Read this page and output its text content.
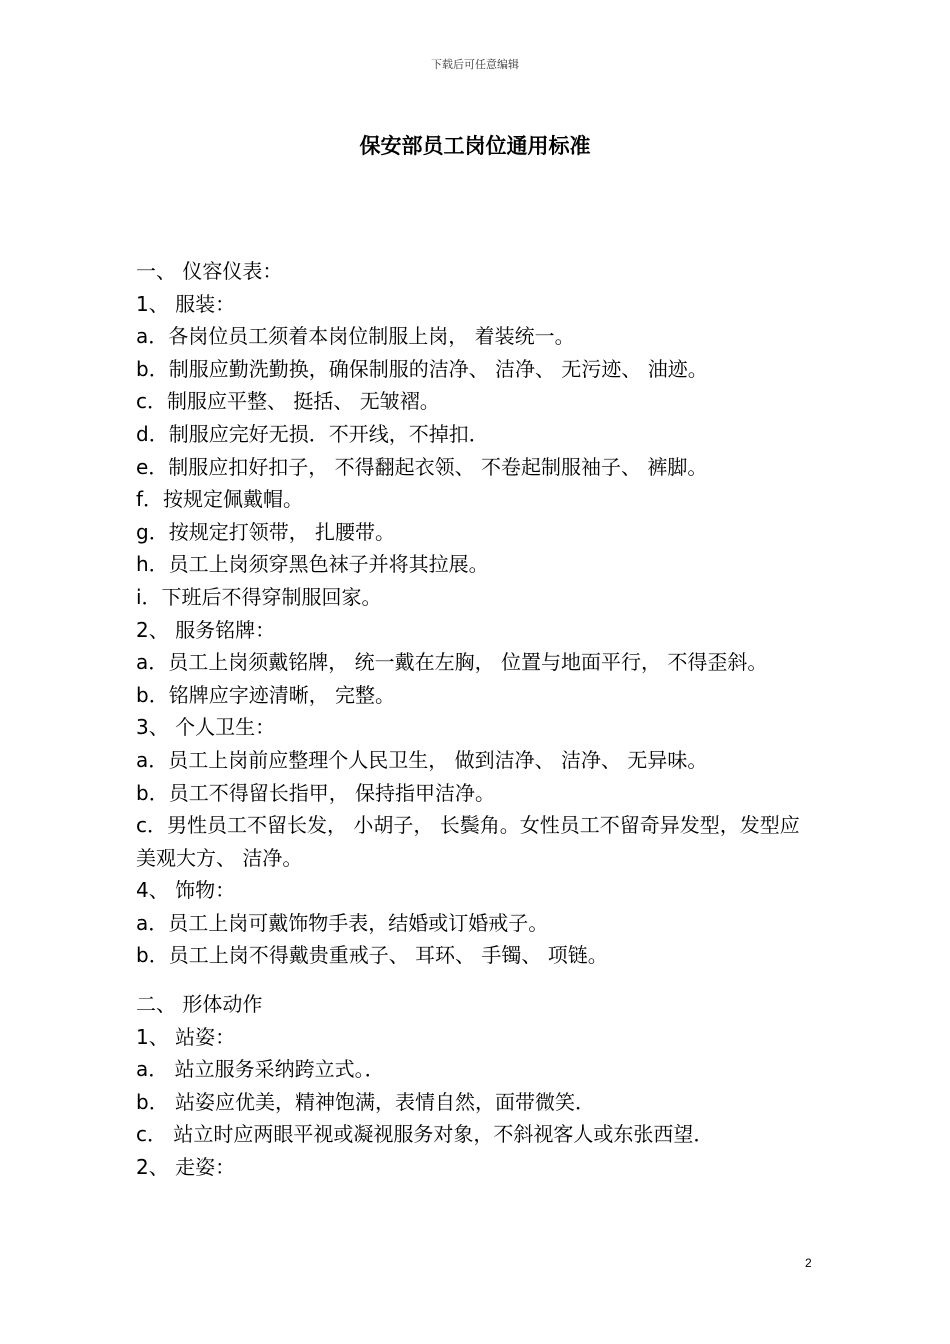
下载后可任意编辑
保安部员工岗位通用标准
一、 仪容仪表：
1、 服装：
a．各岗位员工须着本岗位制服上岗， 着装统一。
b．制服应勤洗勤换，确保制服的洁净、 洁净、 无污迹、 油迹。
c．制服应平整、 挺括、 无皱褶。
d．制服应完好无损．不开线，不掉扣．
e．制服应扣好扣子， 不得翻起衣领、 不卷起制服袖子、 裤脚。
f．按规定佩戴帽。
g．按规定打领带， 扎腰带。
h．员工上岗须穿黑色袜子并将其拉展。
i．下班后不得穿制服回家。
2、 服务铭牌：
a．员工上岗须戴铭牌， 统一戴在左胸， 位置与地面平行， 不得歪斜。
b．铭牌应字迹清晰， 完整。
3、 个人卫生：
a．员工上岗前应整理个人民卫生， 做到洁净、 洁净、 无异味。
b．员工不得留长指甲， 保持指甲洁净。
c．男性员工不留长发， 小胡子， 长鬓角。女性员工不留奇异发型，发型应美观大方、 洁净。
4、 饰物：
a．员工上岗可戴饰物手表，结婚或订婚戒子。
b．员工上岗不得戴贵重戒子、 耳环、 手镯、 项链。
二、 形体动作
1、 站姿：
a． 站立服务采纳跨立式。．
b． 站姿应优美，精神饱满，表情自然，面带微笑．
c． 站立时应两眼平视或凝视服务对象，不斜视客人或东张西望．
2、 走姿：
2
